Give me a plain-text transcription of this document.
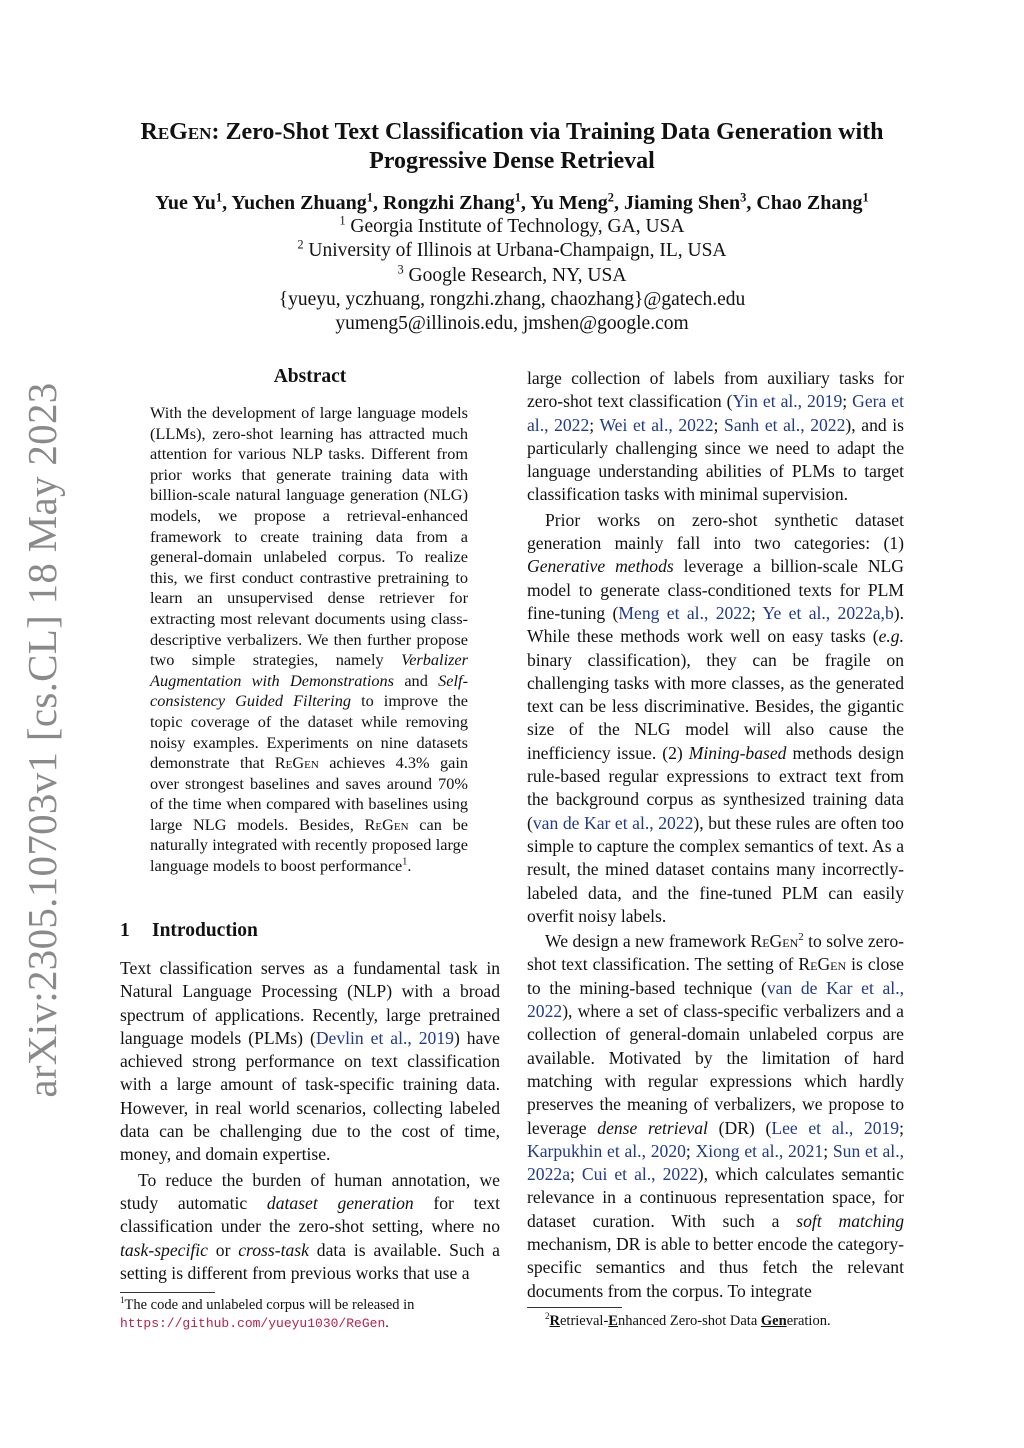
arXiv:2305.10703v1 [cs.CL] 18 May 2023
ReGen: Zero-Shot Text Classification via Training Data Generation with
Progressive Dense Retrieval
Yue Yu$^1$, Yuchen Zhuang$^1$, Rongzhi Zhang$^1$, Yu Meng$^2$, Jiaming Shen$^3$, Chao Zhang$^1$
$^1$ Georgia Institute of Technology, GA, USA
$^2$ University of Illinois at Urbana-Champaign, IL, USA
$^3$ Google Research, NY, USA
{yueyu, yczhuang, rongzhi.zhang, chaozhang}@gatech.edu
yumeng5@illinois.edu, jmshen@google.com
Abstract
With the development of large language models (LLMs), zero-shot learning has attracted much attention for various NLP tasks. Different from prior works that generate training data with billion-scale natural language generation (NLG) models, we propose a retrieval-enhanced framework to create training data from a general-domain unlabeled corpus. To realize this, we first conduct contrastive pretraining to learn an unsupervised dense retriever for extracting most relevant documents using class-descriptive verbalizers. We then further propose two simple strategies, namely Verbalizer Augmentation with Demonstrations and Self-consistency Guided Filtering to improve the topic coverage of the dataset while removing noisy examples. Experiments on nine datasets demonstrate that ReGen achieves 4.3% gain over strongest baselines and saves around 70% of the time when compared with baselines using large NLG models. Besides, ReGen can be naturally integrated with recently proposed large language models to boost performance$^1$.
1 Introduction

Text classification serves as a fundamental task in Natural Language Processing (NLP) with a broad spectrum of applications. Recently, large pretrained language models (PLMs) (Devlin et al., 2019) have achieved strong performance on text classification with a large amount of task-specific training data. However, in real world scenarios, collecting labeled data can be challenging due to the cost of time, money, and domain expertise.

To reduce the burden of human annotation, we study automatic dataset generation for text classification under the zero-shot setting, where no task-specific or cross-task data is available. Such a setting is different from previous works that use a

large collection of labels from auxiliary tasks for zero-shot text classification (Yin et al., 2019; Gera et al., 2022; Wei et al., 2022; Sanh et al., 2022), and is particularly challenging since we need to adapt the language understanding abilities of PLMs to target classification tasks with minimal supervision.

Prior works on zero-shot synthetic dataset generation mainly fall into two categories: (1) Generative methods leverage a billion-scale NLG model to generate class-conditioned texts for PLM fine-tuning (Meng et al., 2022; Ye et al., 2022a,b). While these methods work well on easy tasks (e.g. binary classification), they can be fragile on challenging tasks with more classes, as the generated text can be less discriminative. Besides, the gigantic size of the NLG model will also cause the inefficiency issue. (2) Mining-based methods design rule-based regular expressions to extract text from the background corpus as synthesized training data (van de Kar et al., 2022), but these rules are often too simple to capture the complex semantics of text. As a result, the mined dataset contains many incorrectly-labeled data, and the fine-tuned PLM can easily overfit noisy labels.

We design a new framework ReGen$^2$ to solve zero-shot text classification. The setting of ReGen is close to the mining-based technique (van de Kar et al., 2022), where a set of class-specific verbalizers and a collection of general-domain unlabeled corpus are available. Motivated by the limitation of hard matching with regular expressions which hardly preserves the meaning of verbalizers, we propose to leverage dense retrieval (DR) (Lee et al., 2019; Karpukhin et al., 2020; Xiong et al., 2021; Sun et al., 2022a; Cui et al., 2022), which calculates semantic relevance in a continuous representation space, for dataset curation. With such a soft matching mechanism, DR is able to better encode the category-specific semantics and thus fetch the relevant documents from the corpus. To integrate

$^1$The code and unlabeled corpus will be released in https://github.com/yueyu1030/ReGen.	$^2$Retrieval-Enhanced Zero-shot Data Generation.
